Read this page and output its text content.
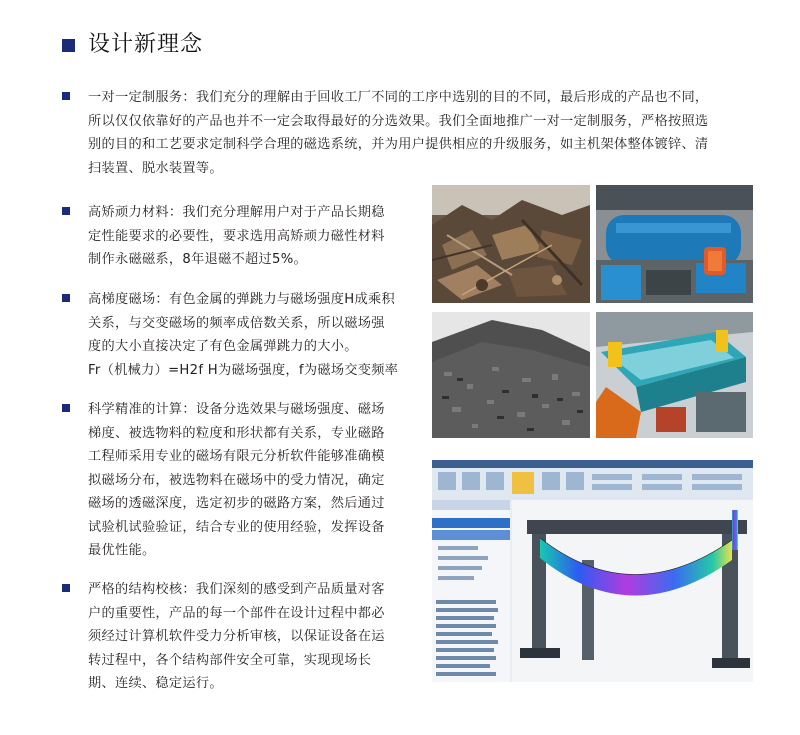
设计新理念

一对一定制服务：我们充分的理解由于回收工厂不同的工序中选别的目的不同，最后形成的产品也不同，

所以仅仅依靠好的产品也并不一定会取得最好的分选效果。我们全面地推广一对一定制服务，严格按照选

别的目的和工艺要求定制科学合理的磁选系统，并为用户提供相应的升级服务，如主机架体整体镀锌、清

扫装置、脱水装置等。

高矫顽力材料：我们充分理解用户对于产品长期稳

定性能要求的必要性，要求选用高矫顽力磁性材料

制作永磁磁系，8年退磁不超过5%。

高梯度磁场：有色金属的弹跳力与磁场强度H成乘积

关系，与交变磁场的频率成倍数关系，所以磁场强

度的大小直接决定了有色金属弹跳力的大小。

Fr（机械力）=H2f H为磁场强度，f为磁场交变频率

科学精准的计算：设备分选效果与磁场强度、磁场

梯度、被选物料的粒度和形状都有关系，专业磁路

工程师采用专业的磁场有限元分析软件能够准确模

拟磁场分布，被选物料在磁场中的受力情况，确定

磁场的透磁深度，选定初步的磁路方案，然后通过

试验机试验验证，结合专业的使用经验，发挥设备

最优性能。

严格的结构校核：我们深刻的感受到产品质量对客

户的重要性，产品的每一个部件在设计过程中都必

须经过计算机软件受力分析审核，以保证设备在运

转过程中，各个结构部件安全可靠，实现现场长

期、连续、稳定运行。
